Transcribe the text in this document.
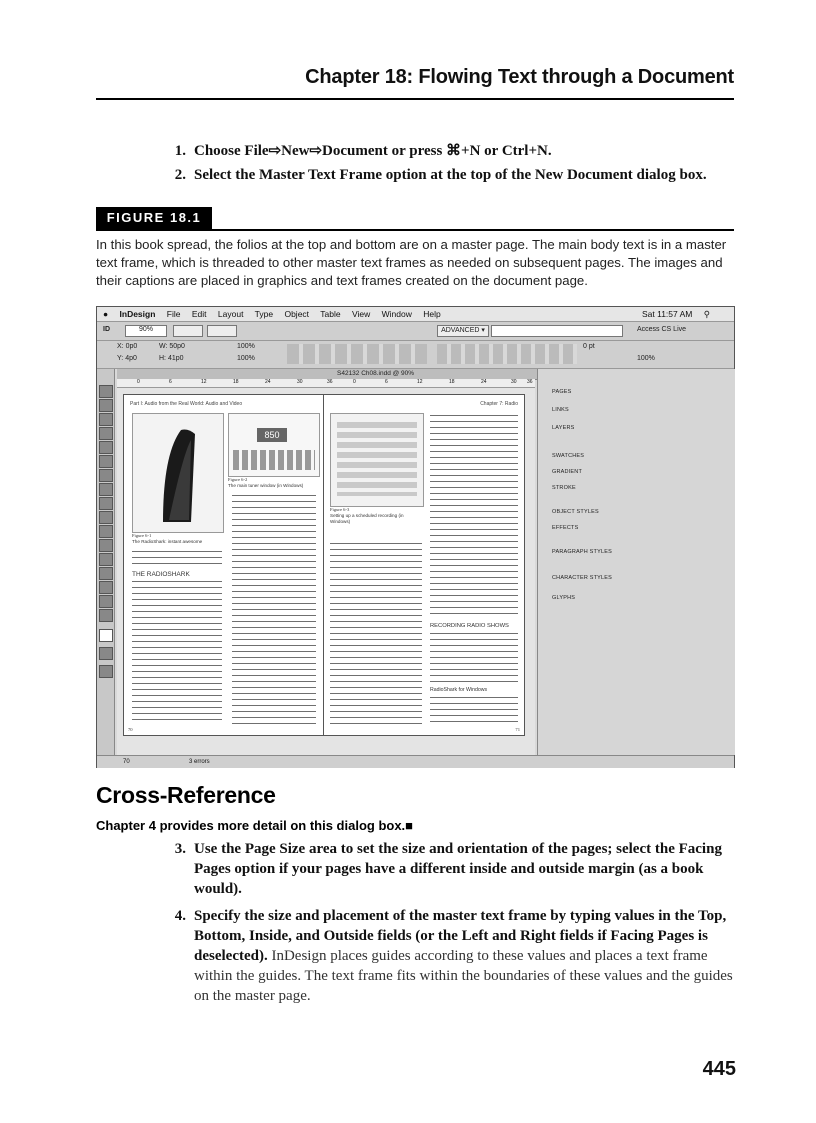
Chapter 18: Flowing Text through a Document
1. Choose File⇨New⇨Document or press ⌘+N or Ctrl+N.
2. Select the Master Text Frame option at the top of the New Document dialog box.
FIGURE 18.1
In this book spread, the folios at the top and bottom are on a master page. The main body text is in a master text frame, which is threaded to other master text frames as needed on subsequent pages. The images and their captions are placed in graphics and text frames created on the document page.
● InDesign File Edit Layout Type Object Table View Window Help	Sat 11:57 AM ⚲
ID	90%	ADVANCED ▾	Access CS Live
X: 0p0
Y: 4p0
W: 50p0
H: 41p0
100%
100%
0 pt
100%
S42132 Ch08.indd @ 90%
0	6	12	18	24	30	36	0	6	12	18	24	30 36
Part I: Audio from the Real World: Audio and Video
Figure 6-1
The RadioShark: instant awesome
850
Figure 6-2
The main tuner window (in Windows)
THE RADIOSHARK
70
Chapter 7: Radio
Figure 6-3
Setting up a scheduled recording (in Windows)
RECORDING RADIO SHOWS
RadioShark for Windows
71
PAGES
LINKS
LAYERS
SWATCHES
GRADIENT
STROKE
OBJECT STYLES
EFFECTS
PARAGRAPH STYLES
CHARACTER STYLES
GLYPHS
70	3 errors
Cross-Reference
Chapter 4 provides more detail on this dialog box.■
3. Use the Page Size area to set the size and orientation of the pages; select the Facing Pages option if your pages have a different inside and outside margin (as a book would).
4. Specify the size and placement of the master text frame by typing values in the Top, Bottom, Inside, and Outside fields (or the Left and Right fields if Facing Pages is deselected). InDesign places guides according to these values and places a text frame within the guides. The text frame fits within the boundaries of these values and the guides on the master page.
445
